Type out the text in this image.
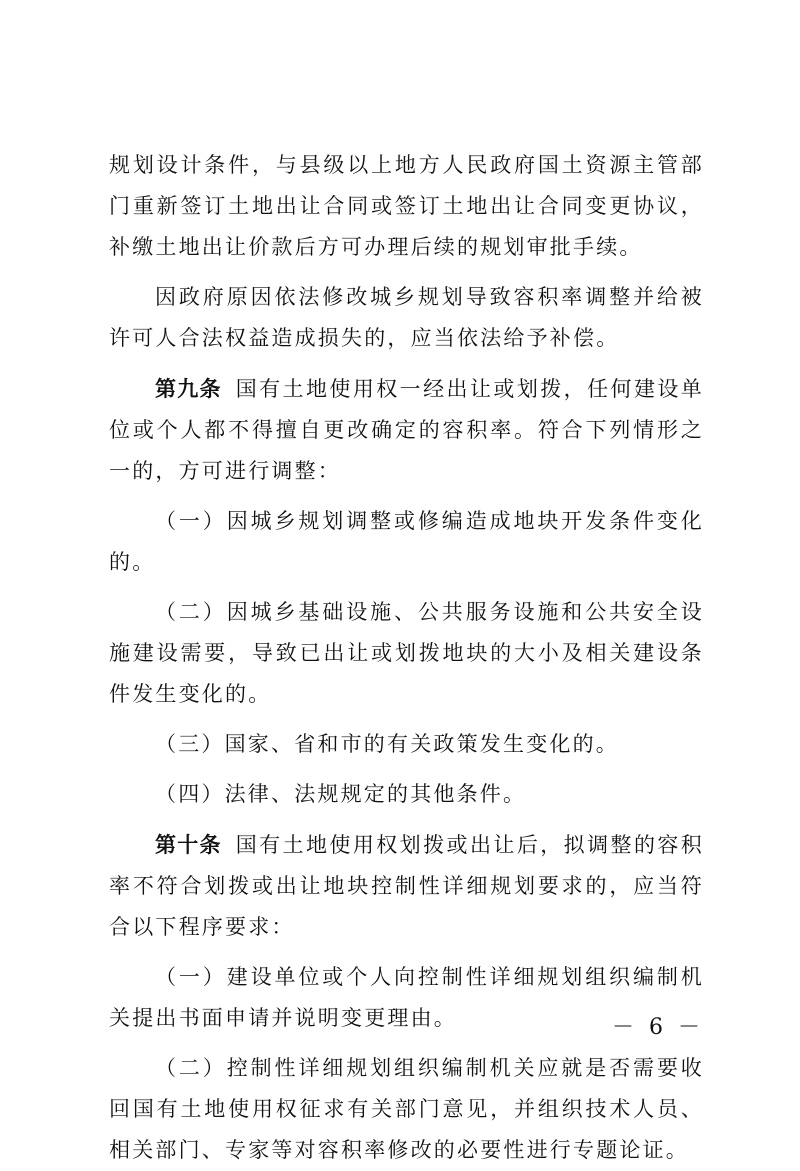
规划设计条件，与县级以上地方人民政府国土资源主管部门重新签订土地出让合同或签订土地出让合同变更协议，补缴土地出让价款后方可办理后续的规划审批手续。

因政府原因依法修改城乡规划导致容积率调整并给被许可人合法权益造成损失的，应当依法给予补偿。

第九条 国有土地使用权一经出让或划拨，任何建设单位或个人都不得擅自更改确定的容积率。符合下列情形之一的，方可进行调整：

（一）因城乡规划调整或修编造成地块开发条件变化的。

（二）因城乡基础设施、公共服务设施和公共安全设施建设需要，导致已出让或划拨地块的大小及相关建设条件发生变化的。

（三）国家、省和市的有关政策发生变化的。

（四）法律、法规规定的其他条件。

第十条 国有土地使用权划拨或出让后，拟调整的容积率不符合划拨或出让地块控制性详细规划要求的，应当符合以下程序要求：

（一）建设单位或个人向控制性详细规划组织编制机关提出书面申请并说明变更理由。

（二）控制性详细规划组织编制机关应就是否需要收回国有土地使用权征求有关部门意见，并组织技术人员、相关部门、专家等对容积率修改的必要性进行专题论证。

－ 6 －
